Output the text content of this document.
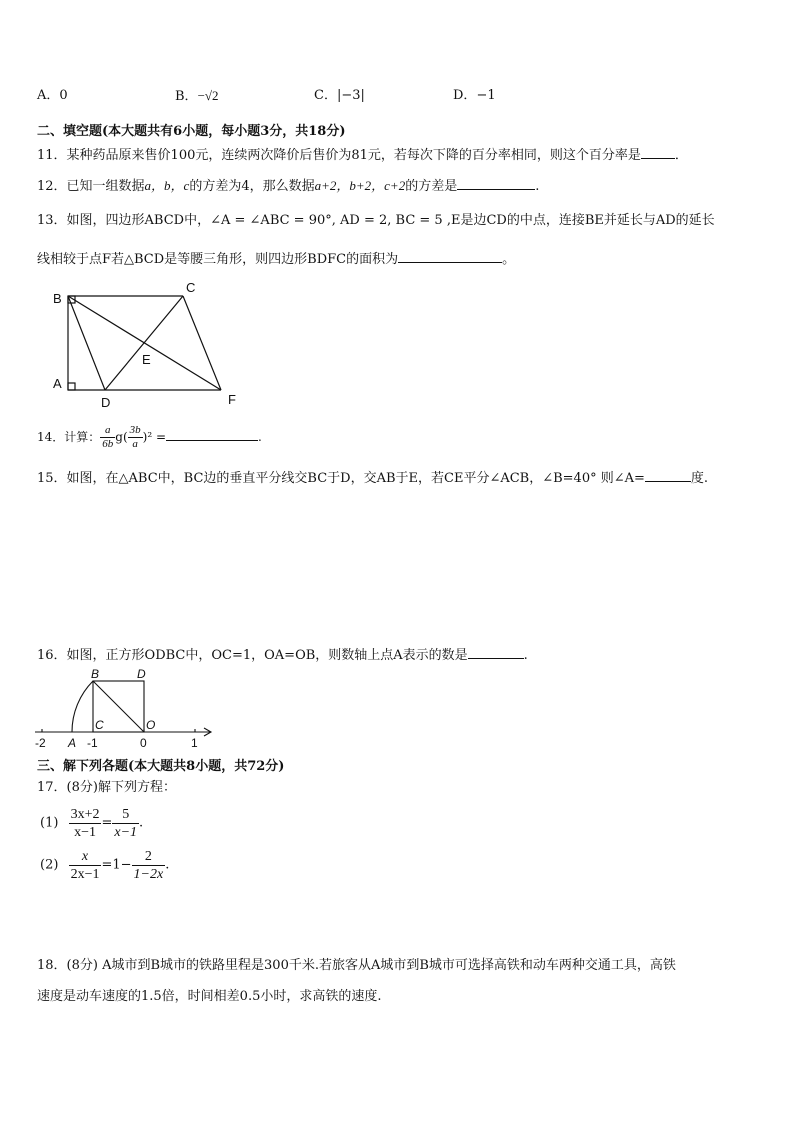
A．0	B．−√2	C．|−3|	D．−1
二、填空题(本大题共有6小题，每小题3分，共18分)
11．某种药品原来售价100元，连续两次降价后售价为81元，若每次下降的百分率相同，则这个百分率是	．
12．已知一组数据a，b，c的方差为4，那么数据a+2，b+2，c+2的方差是	.
13．如图，四边形ABCD中，∠A = ∠ABC = 90°, AD = 2, BC = 5 ,E是边CD的中点，连接BE并延长与AD的延长
线相较于点F若△BCD是等腰三角形，则四边形BDFC的面积为	。
B
C
A
D
E
F
14．计算： $\frac{a}{6b} g( \frac{3b}{a} )^2$ =	.
15．如图，在△ABC中，BC边的垂直平分线交BC于D，交AB于E，若CE平分∠ACB，∠B=40° 则∠A=	度.
16．如图，正方形ODBC中，OC=1，OA=OB，则数轴上点A表示的数是	.
B	D
C	O
A
-2	-1	0	1
三、解下列各题(本大题共8小题，共72分)
17．(8分)解下列方程：
$(1) \frac{3x+2}{x-1} = \frac{5}{x-1}$ .
$(2) \frac{x}{2x-1} =1- \frac{2}{1-2x}$ .
18．(8分) A城市到B城市的铁路里程是300千米.若旅客从A城市到B城市可选择高铁和动车两种交通工具，高铁
速度是动车速度的1.5倍，时间相差0.5小时，求高铁的速度.
